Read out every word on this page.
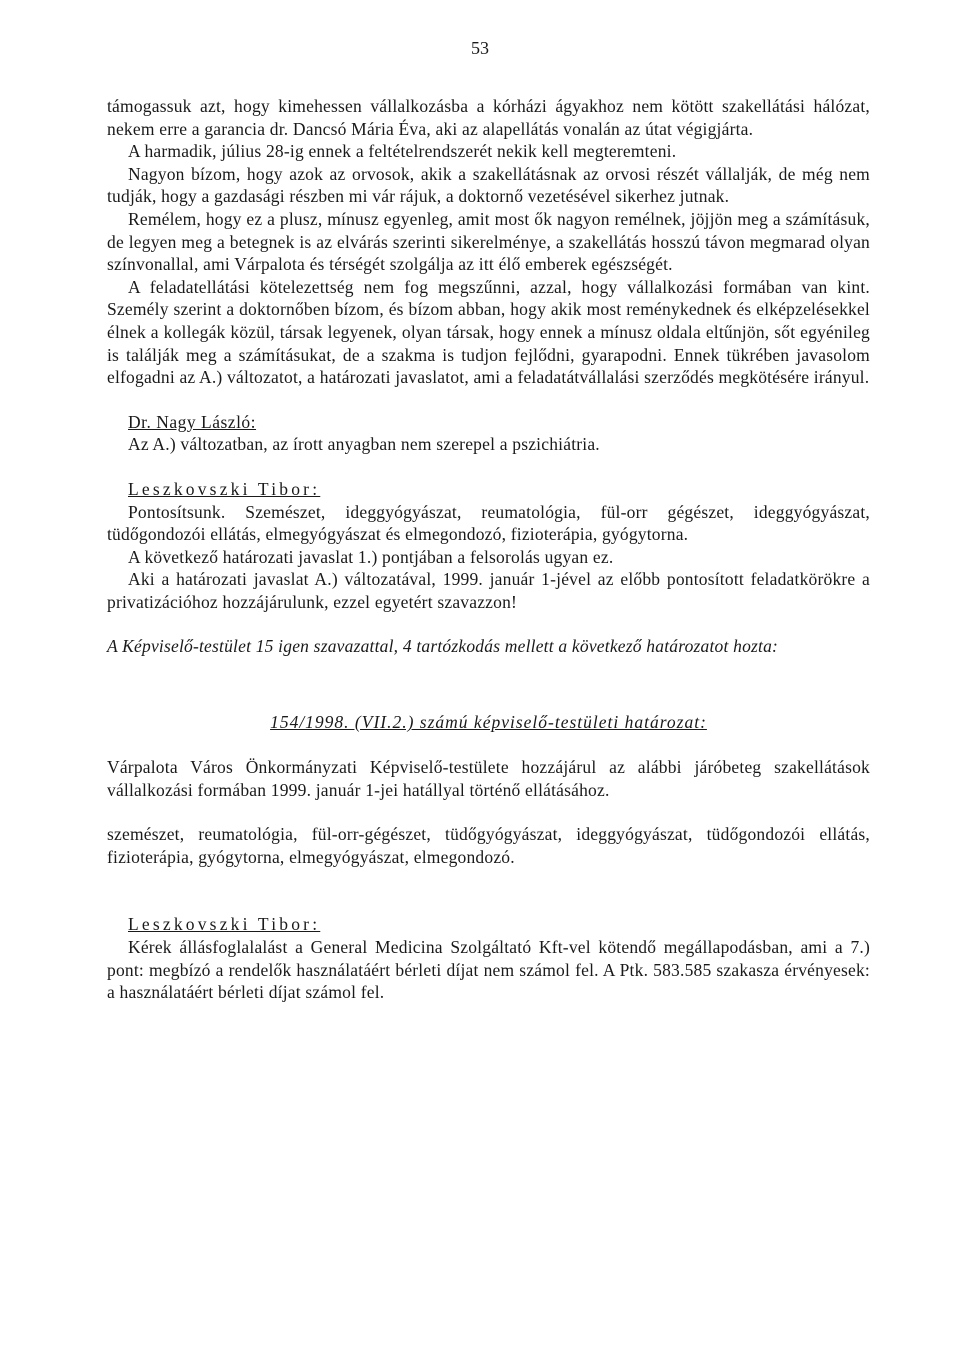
53

támogassuk azt, hogy kimehessen vállalkozásba a kórházi ágyakhoz nem kötött szakellátási hálózat, nekem erre a garancia dr. Dancsó Mária Éva, aki az alapellátás vonalán az útat végigjárta.

A harmadik, július 28-ig ennek a feltételrendszerét nekik kell megteremteni.

Nagyon bízom, hogy azok az orvosok, akik a szakellátásnak az orvosi részét vállalják, de még nem tudják, hogy a gazdasági részben mi vár rájuk, a doktornő vezetésével sikerhez jutnak.

Remélem, hogy ez a plusz, mínusz egyenleg, amit most ők nagyon remélnek, jöjjön meg a számításuk, de legyen meg a betegnek is az elvárás szerinti sikerelménye, a szakellátás hosszú távon megmarad olyan színvonallal, ami Várpalota és térségét szolgálja az itt élő emberek egészségét.

A feladatellátási kötelezettség nem fog megszűnni, azzal, hogy vállalkozási formában van kint. Személy szerint a doktornőben bízom, és bízom abban, hogy akik most reménykednek és elképzelésekkel élnek a kollegák közül, társak legyenek, olyan társak, hogy ennek a mínusz oldala eltűnjön, sőt egyénileg is találják meg a számításukat, de a szakma is tudjon fejlődni, gyarapodni. Ennek tükrében javasolom elfogadni az A.) változatot, a határozati javaslatot, ami a feladatátvállalási szerződés megkötésére irányul.

Dr. Nagy László:

Az A.) változatban, az írott anyagban nem szerepel a pszichiátria.

Leszkovszki Tibor:

Pontosítsunk. Szemészet, ideggyógyászat, reumatológia, fül-orr gégészet, ideggyógyászat, tüdőgondozói ellátás, elmegyógyászat és elmegondozó, fizioterápia, gyógytorna.

A következő határozati javaslat 1.) pontjában a felsorolás ugyan ez.

Aki a határozati javaslat A.) változatával, 1999. január 1-jével az előbb pontosított feladatkörökre a privatizációhoz hozzájárulunk, ezzel egyetért szavazzon!

A Képviselő-testület 15 igen szavazattal, 4 tartózkodás mellett a következő határozatot hozta:

154/1998. (VII.2.) számú képviselő-testületi határozat:

Várpalota Város Önkormányzati Képviselő-testülete hozzájárul az alábbi járóbeteg szakellátások vállalkozási formában 1999. január 1-jei hatállyal történő ellátásához.

szemészet, reumatológia, fül-orr-gégészet, tüdőgyógyászat, ideggyógyászat, tüdőgondozói ellátás, fizioterápia, gyógytorna, elmegyógyászat, elmegondozó.

Leszkovszki Tibor:

Kérek állásfoglalalást a General Medicina Szolgáltató Kft-vel kötendő megállapodásban, ami a 7.) pont: megbízó a rendelők használatáért bérleti díjat nem számol fel. A Ptk. 583.585 szakasza érvényesek: a használatáért bérleti díjat számol fel.
